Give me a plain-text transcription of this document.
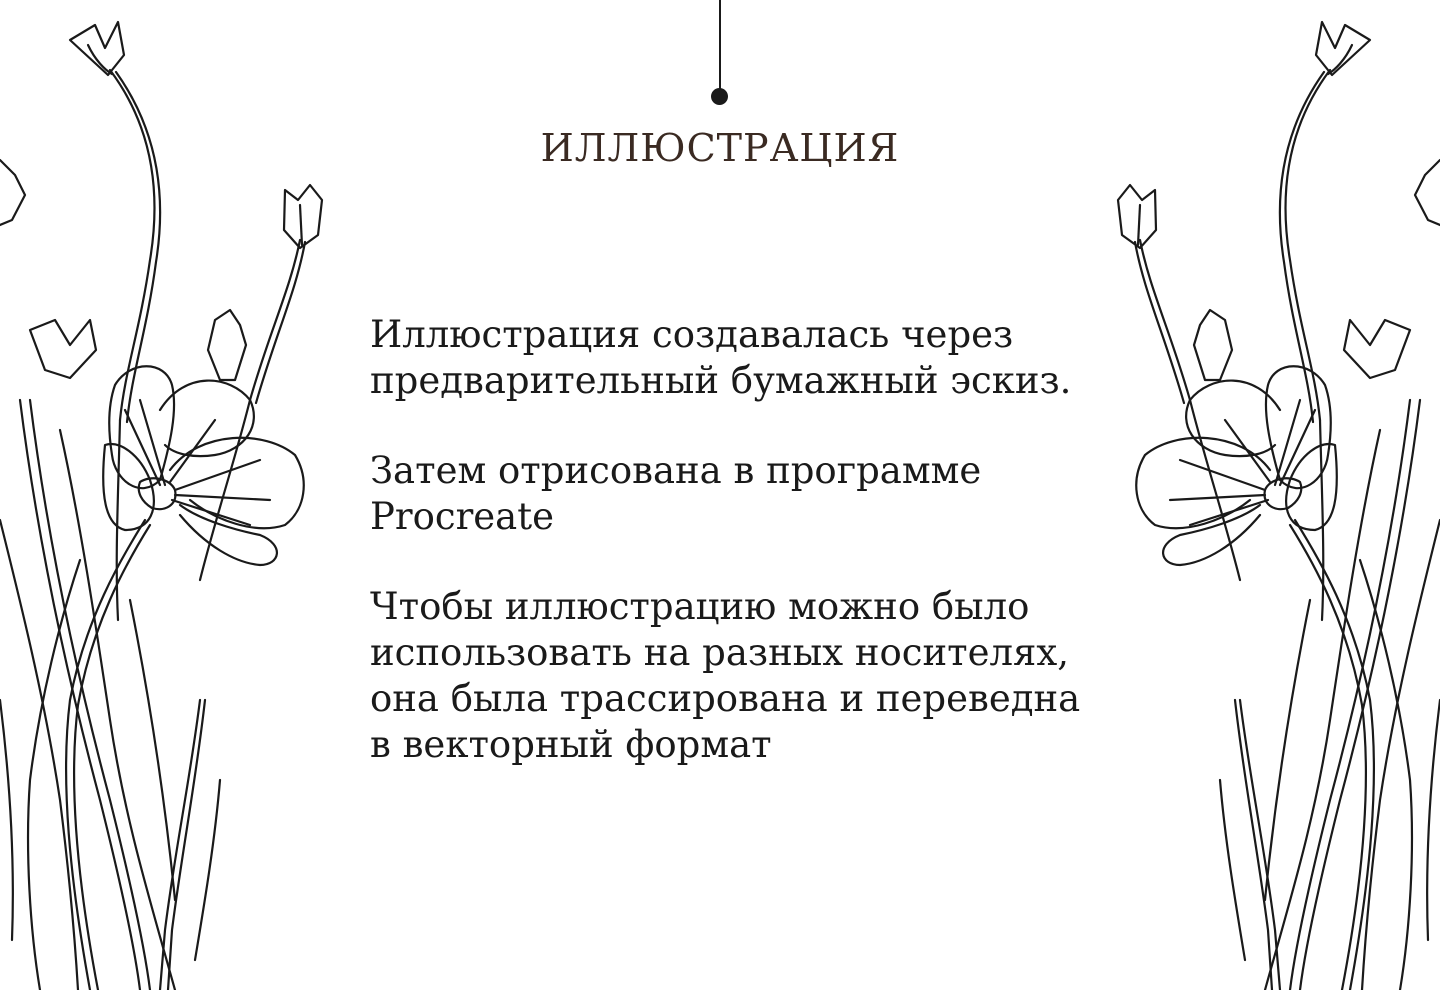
ИЛЛЮСТРАЦИЯ

Иллюстрация создавалась через
предварительный бумажный эскиз.

Затем отрисована в программе
Procreate

Чтобы иллюстрацию можно было
использовать на разных носителях,
она была трассирована и переведна
в векторный формат
